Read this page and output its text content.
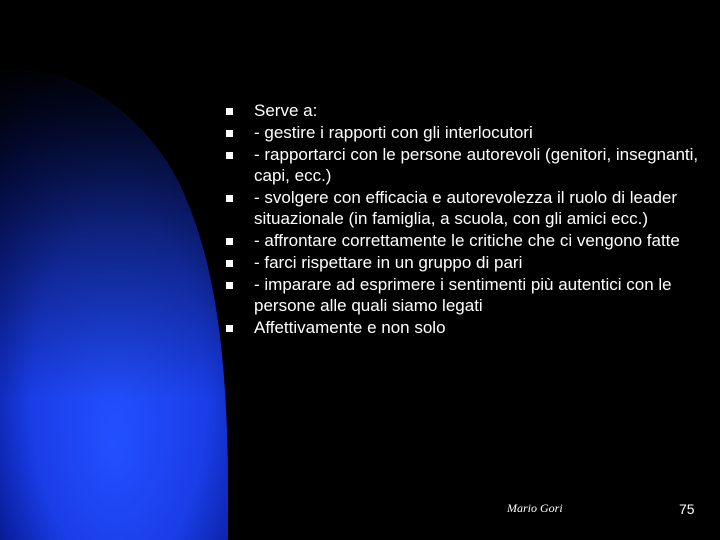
Serve a:
- gestire i rapporti con gli interlocutori
- rapportarci con le persone autorevoli (genitori, insegnanti, capi, ecc.)
- svolgere con efficacia e autorevolezza il ruolo di leader situazionale (in famiglia, a scuola, con gli amici ecc.)
- affrontare correttamente le critiche che ci vengono fatte
- farci rispettare in un gruppo di pari
- imparare ad esprimere i sentimenti più autentici con le persone alle quali siamo legati
Affettivamente e non solo
Mario Gori	75
